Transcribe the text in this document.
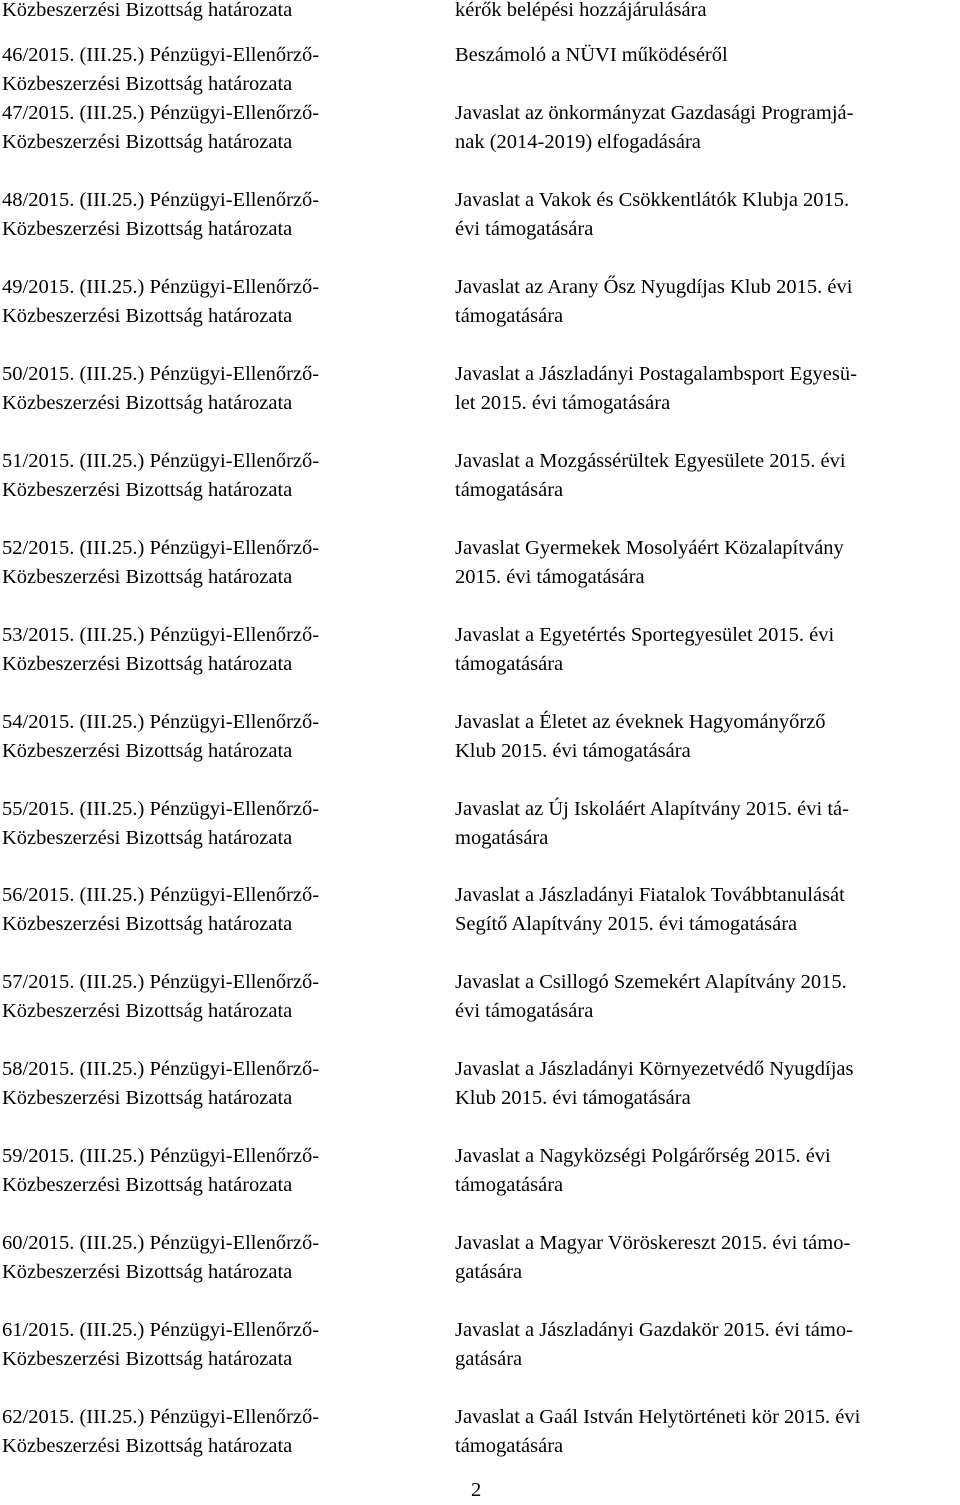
Közbeszerzési Bizottság határozata

46/2015. (III.25.) Pénzügyi-Ellenőrző-
Közbeszerzési Bizottság határozata

47/2015. (III.25.) Pénzügyi-Ellenőrző-
Közbeszerzési Bizottság határozata

48/2015. (III.25.) Pénzügyi-Ellenőrző-
Közbeszerzési Bizottság határozata

49/2015. (III.25.) Pénzügyi-Ellenőrző-
Közbeszerzési Bizottság határozata

50/2015. (III.25.) Pénzügyi-Ellenőrző-
Közbeszerzési Bizottság határozata

51/2015. (III.25.) Pénzügyi-Ellenőrző-
Közbeszerzési Bizottság határozata

52/2015. (III.25.) Pénzügyi-Ellenőrző-
Közbeszerzési Bizottság határozata

53/2015. (III.25.) Pénzügyi-Ellenőrző-
Közbeszerzési Bizottság határozata

54/2015. (III.25.) Pénzügyi-Ellenőrző-
Közbeszerzési Bizottság határozata

55/2015. (III.25.) Pénzügyi-Ellenőrző-
Közbeszerzési Bizottság határozata

56/2015. (III.25.) Pénzügyi-Ellenőrző-
Közbeszerzési Bizottság határozata

57/2015. (III.25.) Pénzügyi-Ellenőrző-
Közbeszerzési Bizottság határozata

58/2015. (III.25.) Pénzügyi-Ellenőrző-
Közbeszerzési Bizottság határozata

59/2015. (III.25.) Pénzügyi-Ellenőrző-
Közbeszerzési Bizottság határozata

60/2015. (III.25.) Pénzügyi-Ellenőrző-
Közbeszerzési Bizottság határozata

61/2015. (III.25.) Pénzügyi-Ellenőrző-
Közbeszerzési Bizottság határozata

62/2015. (III.25.) Pénzügyi-Ellenőrző-
Közbeszerzési Bizottság határozata

kérők belépési hozzájárulására

Beszámoló a NÜVI működéséről

Javaslat az önkormányzat Gazdasági Programjá-
nak (2014-2019) elfogadására

Javaslat a Vakok és Csökkentlátók Klubja 2015.
évi támogatására

Javaslat az Arany Ősz Nyugdíjas Klub 2015. évi
támogatására

Javaslat a Jászladányi Postagalambsport Egyesü-
let 2015. évi támogatására

Javaslat a Mozgássérültek Egyesülete 2015. évi
támogatására

Javaslat Gyermekek Mosolyáért Közalapítvány
2015. évi támogatására

Javaslat a Egyetértés Sportegyesület 2015. évi
támogatására

Javaslat a Életet az éveknek Hagyományőrző
Klub 2015. évi támogatására

Javaslat az Új Iskoláért Alapítvány 2015. évi tá-
mogatására

Javaslat a Jászladányi Fiatalok Továbbtanulását
Segítő Alapítvány 2015. évi támogatására

Javaslat a Csillogó Szemekért Alapítvány 2015.
évi támogatására

Javaslat a Jászladányi Környezetvédő Nyugdíjas
Klub 2015. évi támogatására

Javaslat a Nagyközségi Polgárőrség 2015. évi
támogatására

Javaslat a Magyar Vöröskereszt 2015. évi támo-
gatására

Javaslat a Jászladányi Gazdakör 2015. évi támo-
gatására

Javaslat a Gaál István Helytörténeti kör 2015. évi
támogatására

2
